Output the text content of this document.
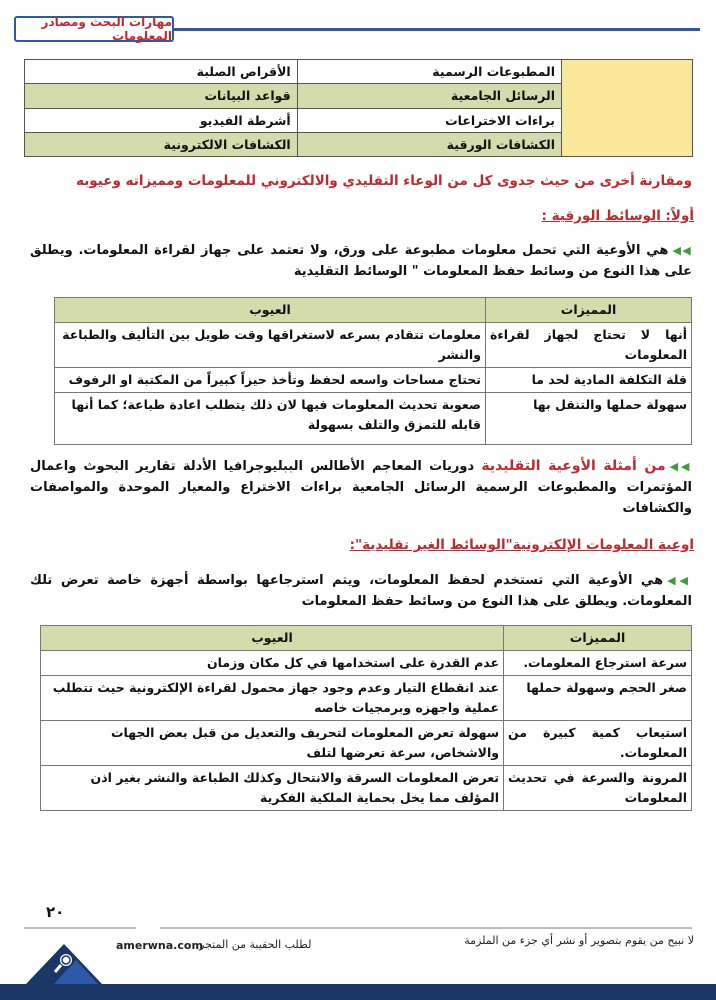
مهارات البحث ومصادر المعلومات
	المطبوعات الرسمية	الأقراص الصلبة
	الرسائل الجامعية	قواعد البيانات
	براءات الاختراعات	أشرطة الفيديو
	الكشافات الورقية	الكشافات الالكترونية
ومقارنة أخرى من حيث جدوى كل من الوعاء التقليدي والالكتروني للمعلومات ومميزاته وعيوبه
أولاً: الوسائط الورقية :
◀◀هي الأوعية التي تحمل معلومات مطبوعة على ورق، ولا تعتمد على جهاز لقراءة المعلومات. ويطلق على هذا النوع من وسائط حفظ المعلومات " الوسائط التقليدية
المميزات	العيوب
أنها لا تحتاج لجهاز لقراءة المعلومات	معلومات تتقادم بسرعه لاستغراقها وقت طويل بين التأليف والطباعة والنشر
قلة التكلفة المادية لحد ما	تحتاج مساحات واسعه لحفظ وتأخذ حيزاً كبيراً من المكتبة او الرفوف
سهولة حملها والتنقل بها	صعوبة تحديث المعلومات فيها لان ذلك يتطلب اعادة طباعة؛ كما أنها قابله للتمزق والتلف بسهولة
◀◀من أمثلة الأوعية التقليدية دوريات المعاجم الأطالس الببليوجرافيا الأدلة تقارير البحوث واعمال المؤتمرات والمطبوعات الرسمية الرسائل الجامعية براءات الاختراع والمعيار الموحدة والمواصفات والكشافات
اوعية المعلومات الإلكترونية"الوسائط الغير تقليدية":
◀◀هي الأوعية التي تستخدم لحفظ المعلومات، ويتم استرجاعها بواسطة أجهزة خاصة تعرض تلك المعلومات. ويطلق على هذا النوع من وسائط حفظ المعلومات
المميزات	العيوب
سرعة استرجاع المعلومات.	عدم القدرة على استخدامها في كل مكان وزمان
صغر الحجم وسهولة حملها	عند انقطاع التيار وعدم وجود جهاز محمول لقراءة الإلكترونية حيث تتطلب عملية واجهزه وبرمجيات خاصه
استيعاب كمية كبيرة من المعلومات.	سهولة تعرض المعلومات لتحريف والتعديل من قبل بعض الجهات والاشخاص، سرعة تعرضها لتلف
المرونة والسرعة في تحديث المعلومات	تعرض المعلومات السرقة والانتحال وكذلك الطباعة والنشر بغير اذن المؤلف مما يخل بحماية الملكية الفكرية
٢٠
amerwna.com
لطلب الحقيبة من المتجر	لا نبيح من يقوم بتصوير أو نشر أي جزء من الملزمة
